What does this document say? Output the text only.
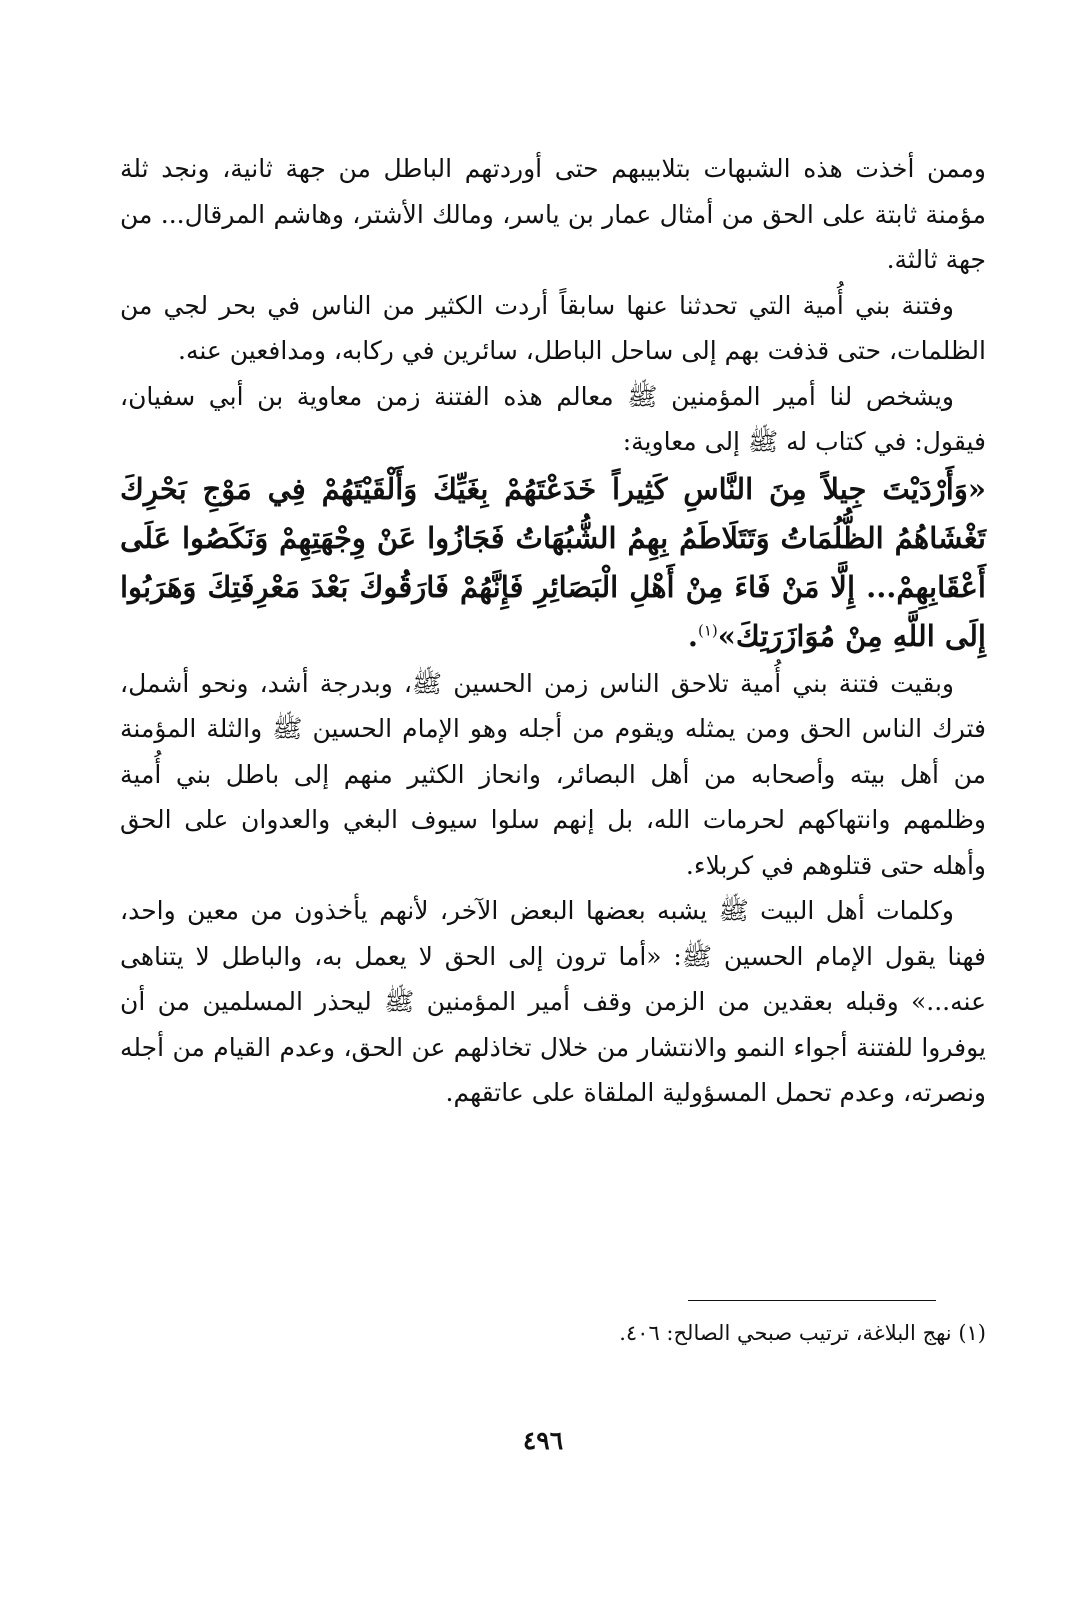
وممن أخذت هذه الشبهات بتلابيبهم حتى أوردتهم الباطل من جهة ثانية، ونجد ثلة مؤمنة ثابتة على الحق من أمثال عمار بن ياسر، ومالك الأشتر، وهاشم المرقال... من جهة ثالثة.

وفتنة بني أُمية التي تحدثنا عنها سابقاً أردت الكثير من الناس في بحر لجي من الظلمات، حتى قذفت بهم إلى ساحل الباطل، سائرين في ركابه، ومدافعين عنه.

ويشخص لنا أمير المؤمنين ﷺ معالم هذه الفتنة زمن معاوية بن أبي سفيان، فيقول: في كتاب له ﷺ إلى معاوية:

«وَأَرْدَيْتَ جِيلاً مِنَ النَّاسِ كَثِيراً خَدَعْتَهُمْ بِغَيِّكَ وَأَلْقَيْتَهُمْ فِي مَوْجِ بَحْرِكَ تَغْشَاهُمُ الظُّلُمَاتُ وَتَتَلَاطَمُ بِهِمُ الشُّبُهَاتُ فَجَازُوا عَنْ وِجْهَتِهِمْ وَنَكَصُوا عَلَى أَعْقَابِهِمْ... إِلَّا مَنْ فَاءَ مِنْ أَهْلِ الْبَصَائِرِ فَإِنَّهُمْ فَارَقُوكَ بَعْدَ مَعْرِفَتِكَ وَهَرَبُوا إِلَى اللَّهِ مِنْ مُوَازَرَتِكَ»$^{(١)}$.

وبقيت فتنة بني أُمية تلاحق الناس زمن الحسين ﷺ، وبدرجة أشد، ونحو أشمل، فترك الناس الحق ومن يمثله ويقوم من أجله وهو الإمام الحسين ﷺ والثلة المؤمنة من أهل بيته وأصحابه من أهل البصائر، وانحاز الكثير منهم إلى باطل بني أُمية وظلمهم وانتهاكهم لحرمات الله، بل إنهم سلوا سيوف البغي والعدوان على الحق وأهله حتى قتلوهم في كربلاء.

وكلمات أهل البيت ﷺ يشبه بعضها البعض الآخر، لأنهم يأخذون من معين واحد، فهنا يقول الإمام الحسين ﷺ: «أما ترون إلى الحق لا يعمل به، والباطل لا يتناهى عنه...» وقبله بعقدين من الزمن وقف أمير المؤمنين ﷺ ليحذر المسلمين من أن يوفروا للفتنة أجواء النمو والانتشار من خلال تخاذلهم عن الحق، وعدم القيام من أجله ونصرته، وعدم تحمل المسؤولية الملقاة على عاتقهم.

(١) نهج البلاغة، ترتيب صبحي الصالح: ٤٠٦.
٤٩٦
